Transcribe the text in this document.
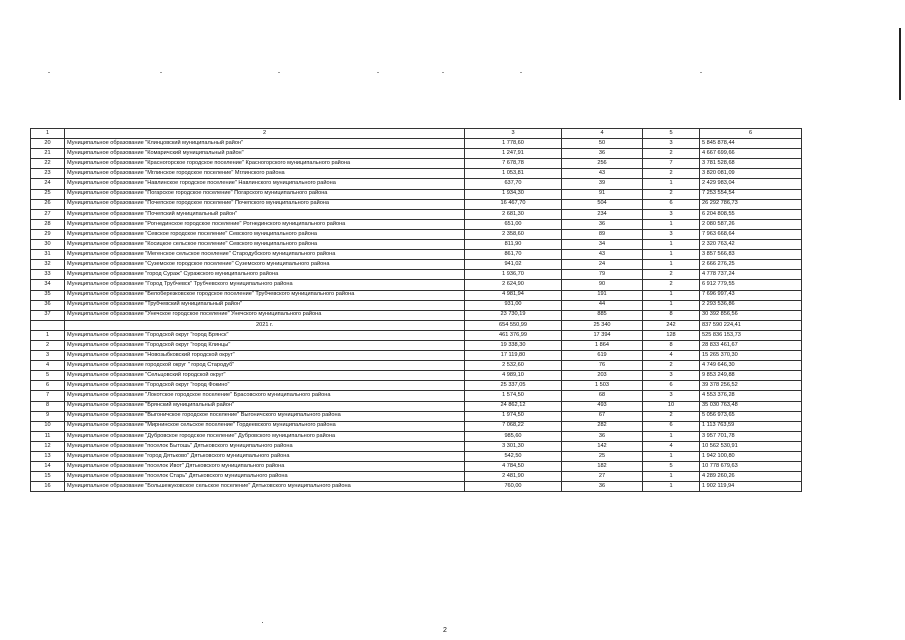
1	2	3	4	5	6
20	Муниципальное образование "Клинцовский муниципальный район"	1 778,60	50	3	5 845 878,44
21	Муниципальное образование "Комаричский муниципальный район"	1 247,91	36	2	4 667 699,66
22	Муниципальное образование "Красногорское городское поселение" Красногорского муниципального района	7 678,78	256	7	3 781 528,68
23	Муниципальное образование "Мглинское городское поселение" Мглинского района	1 053,81	43	2	3 820 081,09
24	Муниципальное образование "Навлинское городское поселение" Навлинского муниципального района	637,70	39	1	2 429 983,04
25	Муниципальное образование "Погарское городское поселение" Погарского муниципального района	1 934,30	91	2	7 253 554,54
26	Муниципальное образование "Почепское городское поселение" Почепского муниципального района	16 467,70	504	6	26 292 786,73
27	Муниципальное образование "Почепский муниципальный район"	2 681,30	234	3	6 204 808,55
28	Муниципальное образование "Рогнединское городское поселение" Рогнединского муниципального района	651,00	36	1	2 080 587,26
29	Муниципальное образование "Севское городское поселение" Севского муниципального района	2 358,60	89	3	7 963 668,64
30	Муниципальное образование "Косицкое сельское поселение" Севского муниципального района	811,90	34	1	2 320 763,42
31	Муниципальное образование "Мегенское сельское поселение" Стародубского муниципального района	861,70	43	1	3 857 566,83
32	Муниципальное образование "Суземское городское поселение" Суземского муниципального района	941,02	24	1	2 666 276,25
33	Муниципальное образование "город Сураж" Суражского муниципального района	1 936,70	79	2	4 778 737,24
34	Муниципальное образование "Город Трубчевск" Трубчевского муниципального района	2 624,90	90	2	6 912 779,55
35	Муниципальное образование "Белоберезковское городское поселение" Трубчевского муниципального района	4 981,94	191	1	7 696 997,43
36	Муниципальное образование "Трубчевский муниципальный район"	931,00	44	1	2 293 536,86
37	Муниципальное образование "Унечское городское поселение" Унечского муниципального района	23 730,19	885	8	30 392 856,56
	2021 г.	654 550,99	25 340	242	837 590 224,41
1	Муниципальное образование "Городской округ "город Брянск"	461 376,99	17 394	128	525 836 153,73
2	Муниципальное образование "Городской округ "город Клинцы"	19 338,30	1 864	8	28 833 461,67
3	Муниципальное образование "Новозыбковский городской округ"	17 119,80	619	4	15 265 370,30
4	Муниципальное образование городской округ " город Стародуб"	2 532,60	76	2	4 749 646,30
5	Муниципальное образование "Сельцовский городской округ"	4 989,10	203	3	9 853 249,88
6	Муниципальное образование "Городской округ "город Фокино"	25 337,05	1 503	6	39 378 256,52
7	Муниципальное образование "Локотское городское поселение" Брасовского муниципального района	1 574,50	68	3	4 553 376,28
8	Муниципальное образование "Брянский муниципальный район"	24 862,12	493	10	35 030 763,48
9	Муниципальное образование "Выгоничское городское поселение" Выгоничского муниципального района	1 974,50	67	2	5 056 973,65
10	Муниципальное образование "Мирнинское сельское поселение" Гордеевского муниципального района	7 068,22	282	6	1 113 763,59
11	Муниципальное образование "Дубровское городское поселение" Дубровского муниципального района	985,60	36	1	3 957 701,78
12	Муниципальное образование "поселок Бытошь" Дятьковского муниципального района	3 301,30	142	4	10 562 530,91
13	Муниципальное образование "город Дятьково" Дятьковского муниципального района	542,50	25	1	1 942 100,80
14	Муниципальное образование "поселок Ивот" Дятьковского муниципального района	4 784,50	182	5	10 778 679,63
15	Муниципальное образование "поселок Старь" Дятьковского муниципального района	2 481,90	27	1	4 289 260,26
16	Муниципальное образование "Большежуковское сельское поселение" Дятьковского муниципального района	760,00	36	1	1 902 119,94
2
